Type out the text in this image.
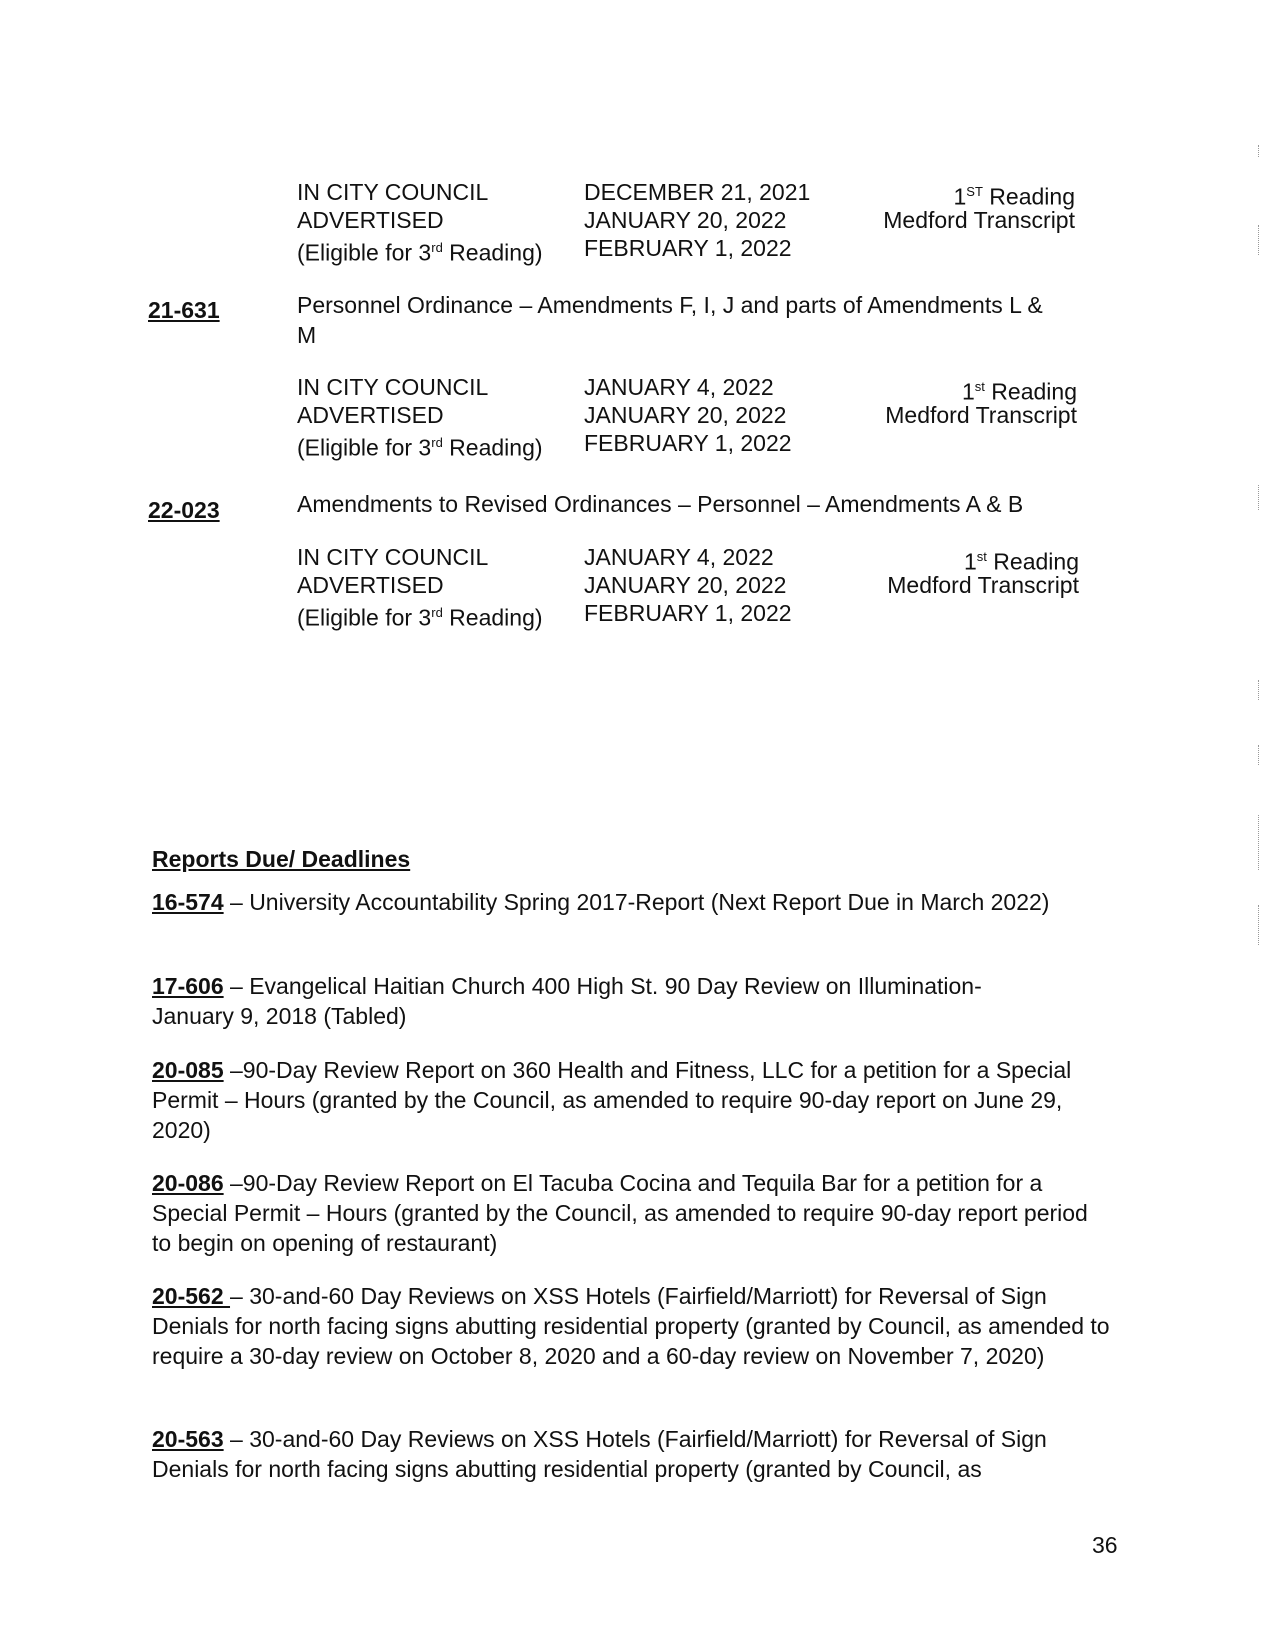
IN CITY COUNCIL
ADVERTISED
(Eligible for 3rd Reading)
DECEMBER 21, 2021
JANUARY 20, 2022
FEBRUARY 1, 2022
1ST Reading
Medford Transcript
21-631	Personnel Ordinance – Amendments F, I, J and parts of Amendments L & M
IN CITY COUNCIL
ADVERTISED
(Eligible for 3rd Reading)
JANUARY 4, 2022
JANUARY 20, 2022
FEBRUARY 1, 2022
1st Reading
Medford Transcript
22-023	Amendments to Revised Ordinances – Personnel – Amendments A & B
IN CITY COUNCIL
ADVERTISED
(Eligible for 3rd Reading)
JANUARY 4, 2022
JANUARY 20, 2022
FEBRUARY 1, 2022
1st Reading
Medford Transcript
Reports Due/ Deadlines
16-574 – University Accountability Spring 2017-Report (Next Report Due in March 2022)
17-606 – Evangelical Haitian Church 400 High St. 90 Day Review on Illumination-January 9, 2018 (Tabled)
20-085 –90-Day Review Report on 360 Health and Fitness, LLC for a petition for a Special Permit – Hours (granted by the Council, as amended to require 90-day report on June 29, 2020)
20-086 –90-Day Review Report on El Tacuba Cocina and Tequila Bar for a petition for a Special Permit – Hours (granted by the Council, as amended to require 90-day report period to begin on opening of restaurant)
20-562 – 30-and-60 Day Reviews on XSS Hotels (Fairfield/Marriott) for Reversal of Sign Denials for north facing signs abutting residential property (granted by Council, as amended to require a 30-day review on October 8, 2020 and a 60-day review on November 7, 2020)
20-563 – 30-and-60 Day Reviews on XSS Hotels (Fairfield/Marriott) for Reversal of Sign Denials for north facing signs abutting residential property (granted by Council, as
36
